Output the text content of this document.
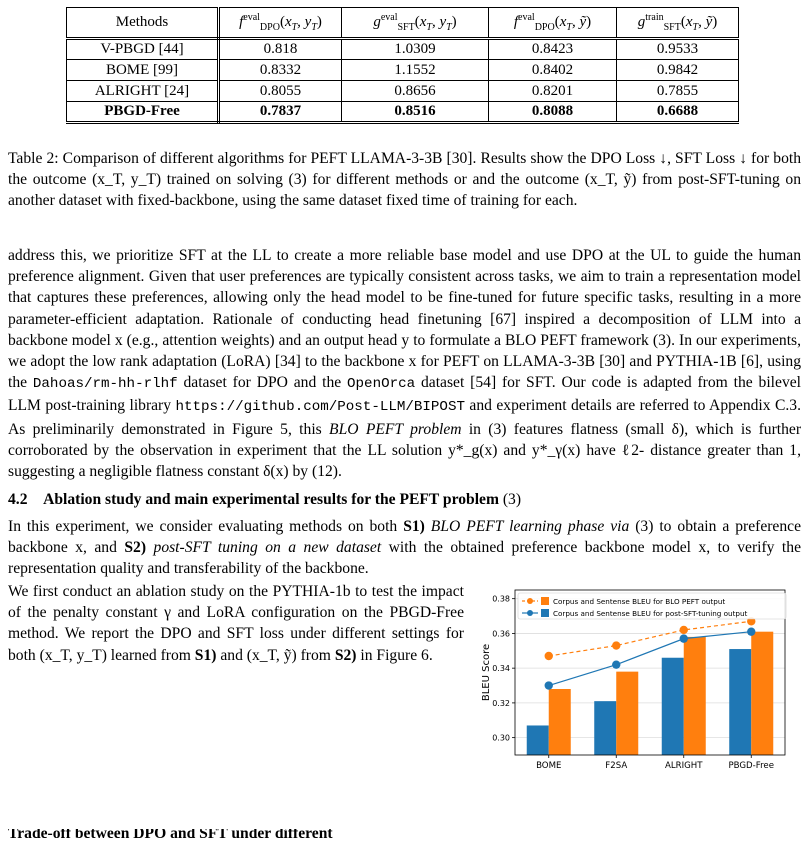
Methods	$f^{eval}_{DPO}(x_T$, $y_T$)	$g^{eval}_{SFT}(x_T$, $y_T$)	$f^{eval}_{DPO}(x_T$, ỹ)	$g^{train}_{SFT}(x_T$, ỹ)
V-PBGD [44]	0.818	1.0309	0.8423	0.9533
BOME [99]	0.8332	1.1552	0.8402	0.9842
ALRIGHT [24]	0.8055	0.8656	0.8201	0.7855
PBGD-Free	0.7837	0.8516	0.8088	0.6688
Table 2: Comparison of different algorithms for PEFT LLAMA-3-3B [30]. Results show the DPO Loss ↓, SFT Loss ↓ for both the outcome (x_T, y_T) trained on solving (3) for different methods or and the outcome (x_T, ỹ) from post-SFT-tuning on another dataset with fixed-backbone, using the same dataset fixed time of training for each.
address this, we prioritize SFT at the LL to create a more reliable base model and use DPO at the UL to guide the human preference alignment. Given that user preferences are typically consistent across tasks, we aim to train a representation model that captures these preferences, allowing only the head model to be fine-tuned for future specific tasks, resulting in a more parameter-efficient adaptation. Rationale of conducting head finetuning [67] inspired a decomposition of LLM into a backbone model x (e.g., attention weights) and an output head y to formulate a BLO PEFT framework (3). In our experiments, we adopt the low rank adaptation (LoRA) [34] to the backbone x for PEFT on LLAMA-3-3B [30] and PYTHIA-1B [6], using the Dahoas/rm-hh-rlhf dataset for DPO and the OpenOrca dataset [54] for SFT. Our code is adapted from the bilevel LLM post-training library https://github.com/Post-LLM/BIPOST and experiment details are referred to Appendix C.3. As preliminarily demonstrated in Figure 5, this BLO PEFT problem in (3) features flatness (small δ), which is further corroborated by the observation in experiment that the LL solution y*_g(x) and y*_γ(x) have ℓ2- distance greater than 1, suggesting a negligible flatness constant δ(x) by (12).
4.2 Ablation study and main experimental results for the PEFT problem (3)
In this experiment, we consider evaluating methods on both S1) BLO PEFT learning phase via (3) to obtain a preference backbone x, and S2) post-SFT tuning on a new dataset with the obtained preference backbone model x, to verify the representation quality and transferability of the backbone.
We first conduct an ablation study on the PYTHIA-1b to test the impact of the penalty constant γ and LoRA configuration on the PBGD-Free method. We report the DPO and SFT loss under different settings for both (x_T, y_T) learned from S1) and (x_T, ỹ) from S2) in Figure 6.
Trade-off between DPO and SFT under different
0.30
0.32
0.34
0.36
0.38
BOME	F2SA	ALRIGHT	PBGD-Free
BLEU Score
Corpus and Sentense BLEU for BLO PEFT output
Corpus and Sentense BLEU for post-SFT-tuning output
